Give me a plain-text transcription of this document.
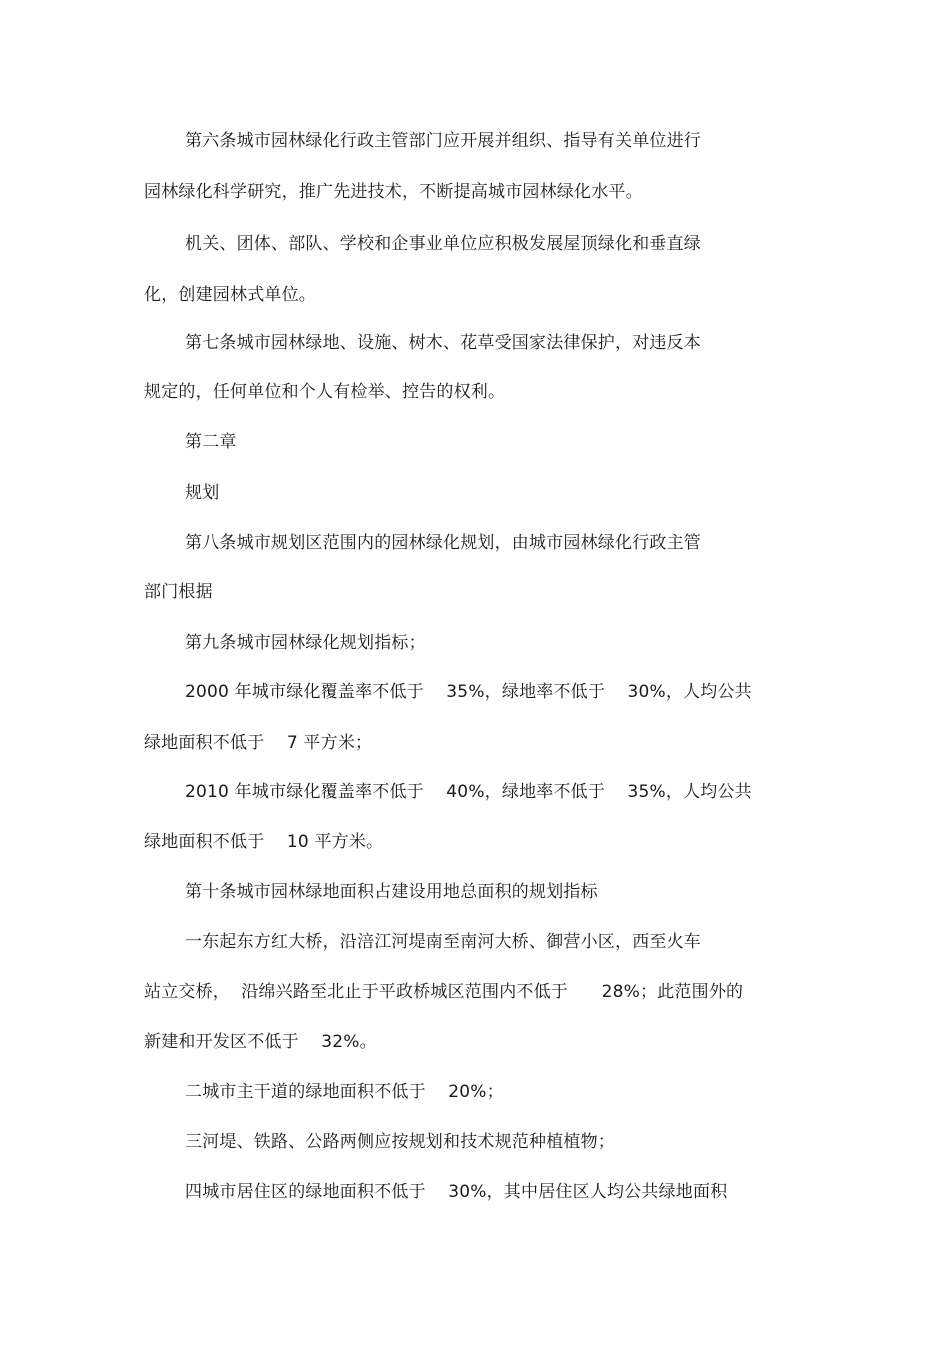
第六条城市园林绿化行政主管部门应开展并组织、指导有关单位进行
园林绿化科学研究，推广先进技术，不断提高城市园林绿化水平。
机关、团体、部队、学校和企事业单位应积极发展屋顶绿化和垂直绿
化，创建园林式单位。
第七条城市园林绿地、设施、树木、花草受国家法律保护，对违反本
规定的，任何单位和个人有检举、控告的权利。
第二章
规划
第八条城市规划区范围内的园林绿化规划，由城市园林绿化行政主管
部门根据
第九条城市园林绿化规划指标；
2000 年城市绿化覆盖率不低于    35%，绿地率不低于    30%，人均公共
绿地面积不低于    7 平方米；
2010 年城市绿化覆盖率不低于    40%，绿地率不低于    35%，人均公共
绿地面积不低于    10 平方米。
第十条城市园林绿地面积占建设用地总面积的规划指标
一东起东方红大桥，沿涪江河堤南至南河大桥、御营小区，西至火车
站立交桥，  沿绵兴路至北止于平政桥城区范围内不低于      28%；此范围外的
新建和开发区不低于    32%。
二城市主干道的绿地面积不低于    20%；
三河堤、铁路、公路两侧应按规划和技术规范种植植物；
四城市居住区的绿地面积不低于    30%，其中居住区人均公共绿地面积
